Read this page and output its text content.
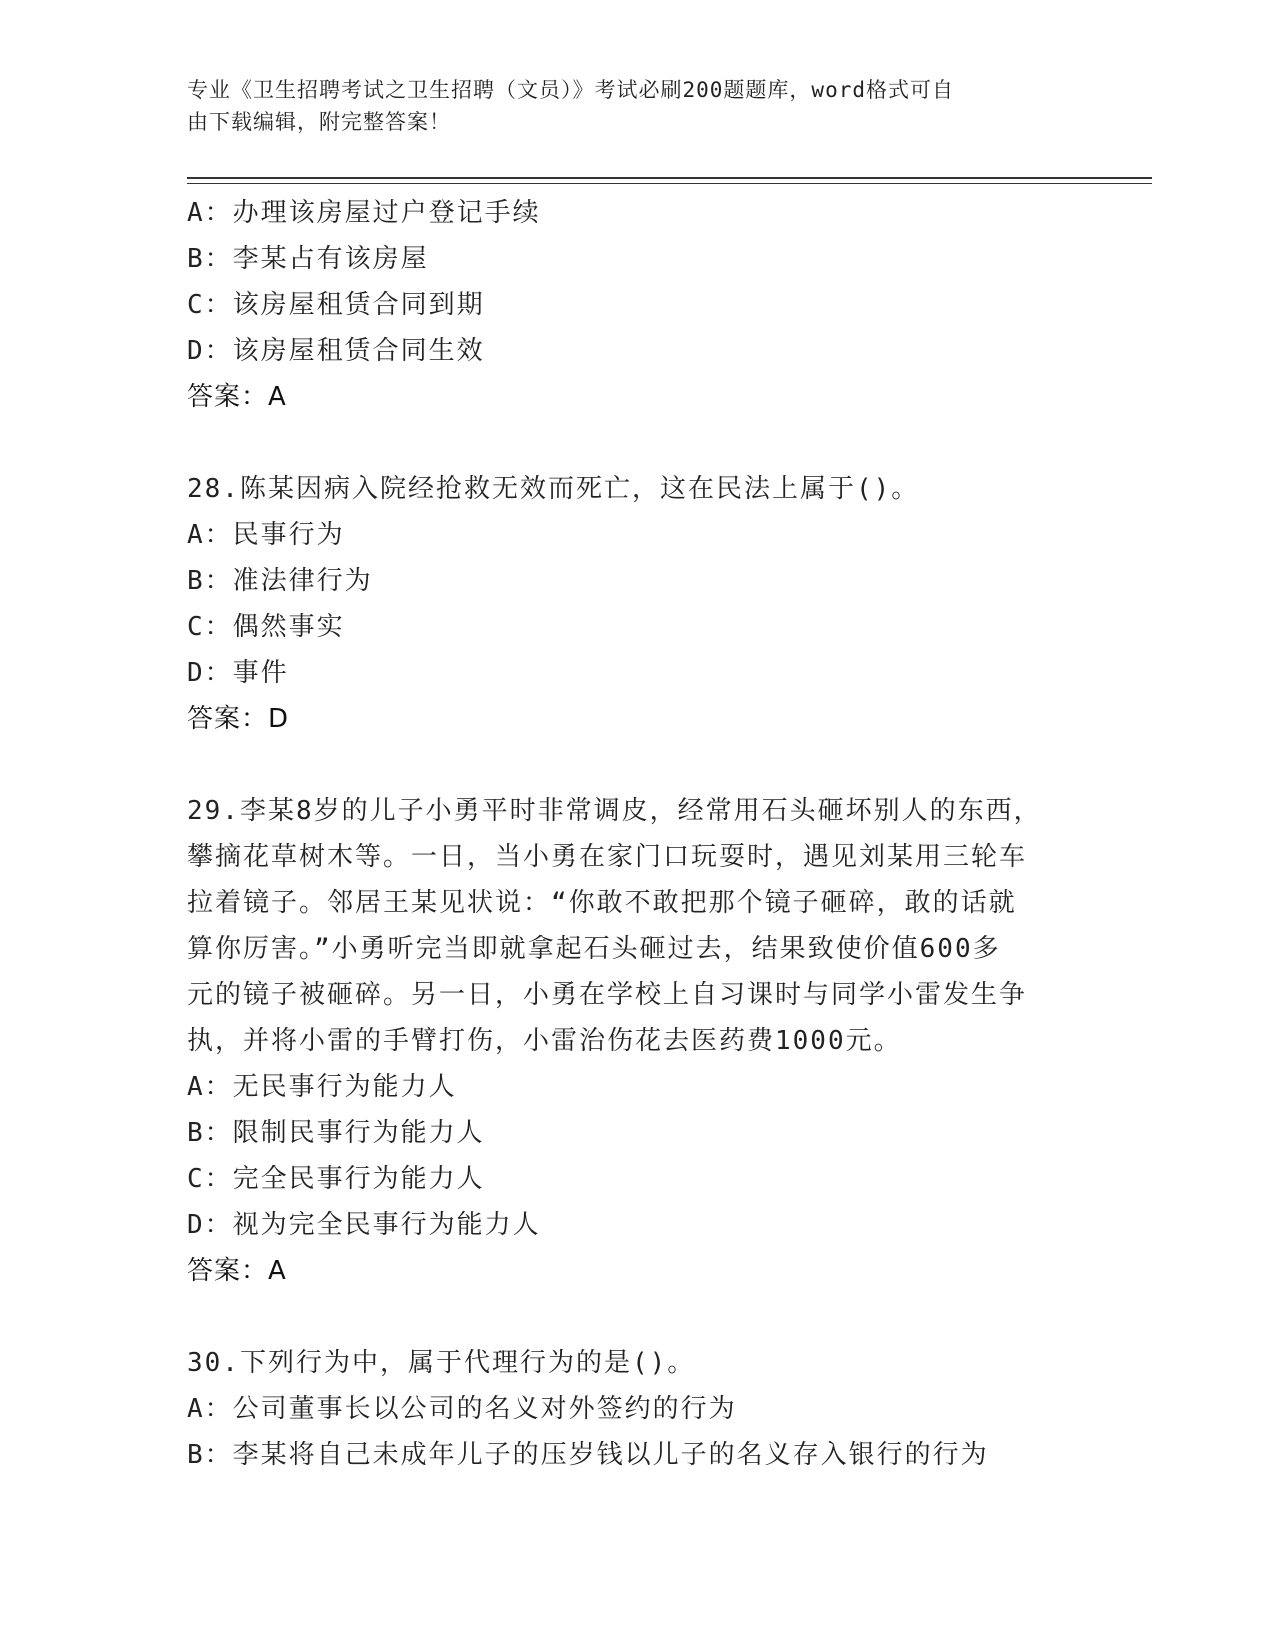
专业《卫生招聘考试之卫生招聘（文员）》考试必刷200题题库，word格式可自
由下载编辑，附完整答案！
A：办理该房屋过户登记手续
B：李某占有该房屋
C：该房屋租赁合同到期
D：该房屋租赁合同生效
答案：A
28.陈某因病入院经抢救无效而死亡，这在民法上属于()。
A：民事行为
B：准法律行为
C：偶然事实
D：事件
答案：D
29.李某8岁的儿子小勇平时非常调皮，经常用石头砸坏别人的东西，
攀摘花草树木等。一日，当小勇在家门口玩耍时，遇见刘某用三轮车
拉着镜子。邻居王某见状说：“你敢不敢把那个镜子砸碎，敢的话就
算你厉害。”小勇听完当即就拿起石头砸过去，结果致使价值600多
元的镜子被砸碎。另一日，小勇在学校上自习课时与同学小雷发生争
执，并将小雷的手臂打伤，小雷治伤花去医药费1000元。
A：无民事行为能力人
B：限制民事行为能力人
C：完全民事行为能力人
D：视为完全民事行为能力人
答案：A
30.下列行为中，属于代理行为的是()。
A：公司董事长以公司的名义对外签约的行为
B：李某将自己未成年儿子的压岁钱以儿子的名义存入银行的行为
